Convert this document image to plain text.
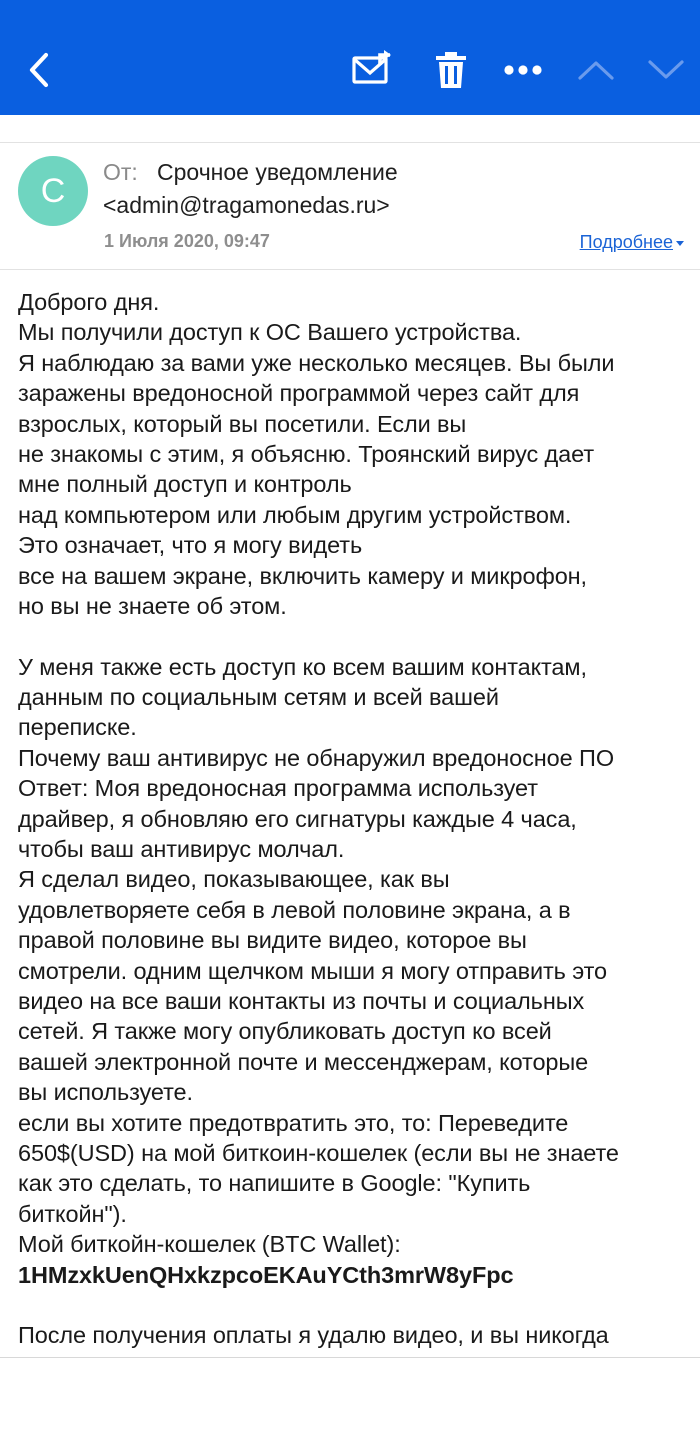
С От: Срочное уведомление
<admin@tragamonedas.ru>
1 Июля 2020, 09:47	Подробнее
Доброго дня.
Мы получили доступ к ОС Вашего устройства.
Я наблюдаю за вами уже несколько месяцев. Вы были
заражены вредоносной программой через сайт для
взрослых, который вы посетили. Если вы
не знакомы с этим, я объясню. Троянский вирус дает
мне полный доступ и контроль
над компьютером или любым другим устройством.
Это означает, что я могу видеть
все на вашем экране, включить камеру и микрофон,
но вы не знаете об этом.
У меня также есть доступ ко всем вашим контактам,
данным по социальным сетям и всей вашей
переписке.
Почему ваш антивирус не обнаружил вредоносное ПО
Ответ: Моя вредоносная программа использует
драйвер, я обновляю его сигнатуры каждые 4 часа,
чтобы ваш антивирус молчал.
Я сделал видео, показывающее, как вы
удовлетворяете себя в левой половине экрана, а в
правой половине вы видите видео, которое вы
смотрели. одним щелчком мыши я могу отправить это
видео на все ваши контакты из почты и социальных
сетей. Я также могу опубликовать доступ ко всей
вашей электронной почте и мессенджерам, которые
вы используете.
если вы хотите предотвратить это, то: Переведите
650$(USD) на мой биткоин-кошелек (если вы не знаете
как это сделать, то напишите в Google: "Купить
биткойн").
Мой биткойн-кошелек (BTC Wallet):
1HMzxkUenQHxkzpcoEKAuYCth3mrW8yFpc
После получения оплаты я удалю видео, и вы никогда
